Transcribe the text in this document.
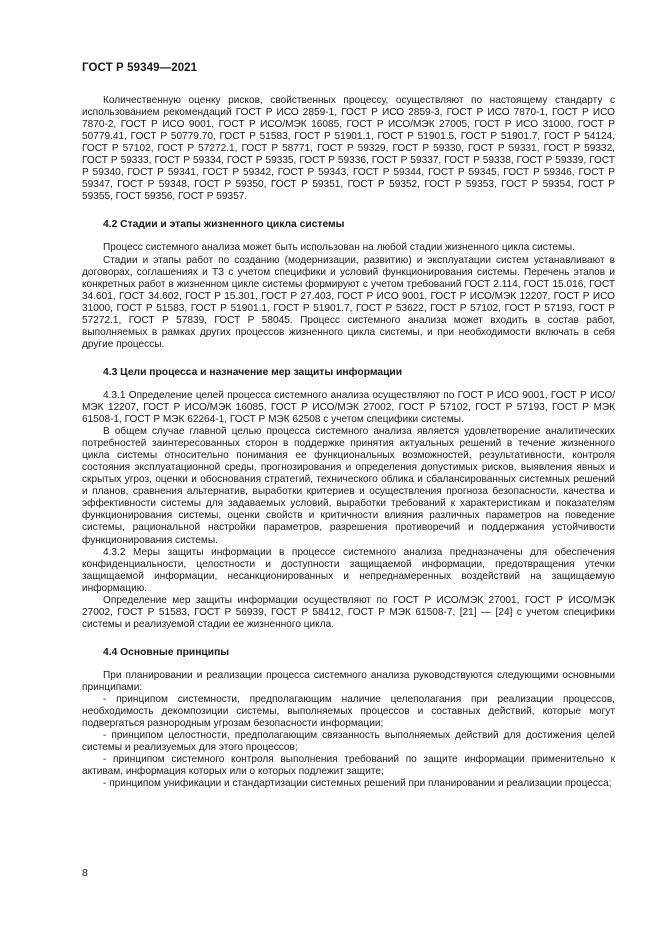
ГОСТ Р 59349—2021

Количественную оценку рисков, свойственных процессу, осуществляют по настоящему стандарту с использованием рекомендаций ГОСТ Р ИСО 2859-1, ГОСТ Р ИСО 2859-3, ГОСТ Р ИСО 7870-1, ГОСТ Р ИСО 7870-2, ГОСТ Р ИСО 9001, ГОСТ Р ИСО/МЭК 16085, ГОСТ Р ИСО/МЭК 27005, ГОСТ Р ИСО 31000, ГОСТ Р 50779.41, ГОСТ Р 50779.70, ГОСТ Р 51583, ГОСТ Р 51901.1, ГОСТ Р 51901.5, ГОСТ Р 51901.7, ГОСТ Р 54124, ГОСТ Р 57102, ГОСТ Р 57272.1, ГОСТ Р 58771, ГОСТ Р 59329, ГОСТ Р 59330, ГОСТ Р 59331, ГОСТ Р 59332, ГОСТ Р 59333, ГОСТ Р 59334, ГОСТ Р 59335, ГОСТ Р 59336, ГОСТ Р 59337, ГОСТ Р 59338, ГОСТ Р 59339, ГОСТ Р 59340, ГОСТ Р 59341, ГОСТ Р 59342, ГОСТ Р 59343, ГОСТ Р 59344, ГОСТ Р 59345, ГОСТ Р 59346, ГОСТ Р 59347, ГОСТ Р 59348, ГОСТ Р 59350, ГОСТ Р 59351, ГОСТ Р 59352, ГОСТ Р 59353, ГОСТ Р 59354, ГОСТ Р 59355, ГОСТ 59356, ГОСТ Р 59357.

4.2 Стадии и этапы жизненного цикла системы

Процесс системного анализа может быть использован на любой стадии жизненного цикла системы.

Стадии и этапы работ по созданию (модернизации, развитию) и эксплуатации систем устанавливают в договорах, соглашениях и ТЗ с учетом специфики и условий функционирования системы. Перечень этапов и конкретных работ в жизненном цикле системы формируют с учетом требований ГОСТ 2.114, ГОСТ 15.016, ГОСТ 34.601, ГОСТ 34.602, ГОСТ Р 15.301, ГОСТ Р 27.403, ГОСТ Р ИСО 9001, ГОСТ Р ИСО/МЭК 12207, ГОСТ Р ИСО 31000, ГОСТ Р 51583, ГОСТ Р 51901.1, ГОСТ Р 51901.7, ГОСТ Р 53622, ГОСТ Р 57102, ГОСТ Р 57193, ГОСТ Р 57272.1, ГОСТ Р 57839, ГОСТ Р 58045. Процесс системного анализа может входить в состав работ, выполняемых в рамках других процессов жизненного цикла системы, и при необходимости включать в себя другие процессы.

4.3 Цели процесса и назначение мер защиты информации

4.3.1 Определение целей процесса системного анализа осуществляют по ГОСТ Р ИСО 9001, ГОСТ Р ИСО/МЭК 12207, ГОСТ Р ИСО/МЭК 16085, ГОСТ Р ИСО/МЭК 27002, ГОСТ Р 57102, ГОСТ Р 57193, ГОСТ Р МЭК 61508-1, ГОСТ Р МЭК 62264-1, ГОСТ Р МЭК 62508 с учетом специфики системы.

В общем случае главной целью процесса системного анализа является удовлетворение аналитических потребностей заинтересованных сторон в поддержке принятия актуальных решений в течение жизненного цикла системы относительно понимания ее функциональных возможностей, результативности, контроля состояния эксплуатационной среды, прогнозирования и определения допустимых рисков, выявления явных и скрытых угроз, оценки и обоснования стратегий, технического облика и сбалансированных системных решений и планов, сравнения альтернатив, выработки критериев и осуществления прогноза безопасности, качества и эффективности системы для задаваемых условий, выработки требований к характеристикам и показателям функционирования системы, оценки свойств и критичности влияния различных параметров на поведение системы, рациональной настройки параметров, разрешения противоречий и поддержания устойчивости функционирования системы.

4.3.2 Меры защиты информации в процессе системного анализа предназначены для обеспечения конфиденциальности, целостности и доступности защищаемой информации, предотвращения утечки защищаемой информации, несанкционированных и непреднамеренных воздействий на защищаемую информацию.

Определение мер защиты информации осуществляют по ГОСТ Р ИСО/МЭК 27001, ГОСТ Р ИСО/МЭК 27002, ГОСТ Р 51583, ГОСТ Р 56939, ГОСТ Р 58412, ГОСТ Р МЭК 61508-7, [21] — [24] с учетом специфики системы и реализуемой стадии ее жизненного цикла.

4.4 Основные принципы

При планировании и реализации процесса системного анализа руководствуются следующими основными принципами:

- принципом системности, предполагающим наличие целеполагания при реализации процессов, необходимость декомпозиции системы, выполняемых процессов и составных действий, которые могут подвергаться разнородным угрозам безопасности информации;

- принципом целостности, предполагающим связанность выполняемых действий для достижения целей системы и реализуемых для этого процессов;

- принципом системного контроля выполнения требований по защите информации применительно к активам, информация которых или о которых подлежит защите;

- принципом унификации и стандартизации системных решений при планировании и реализации процесса;

8
